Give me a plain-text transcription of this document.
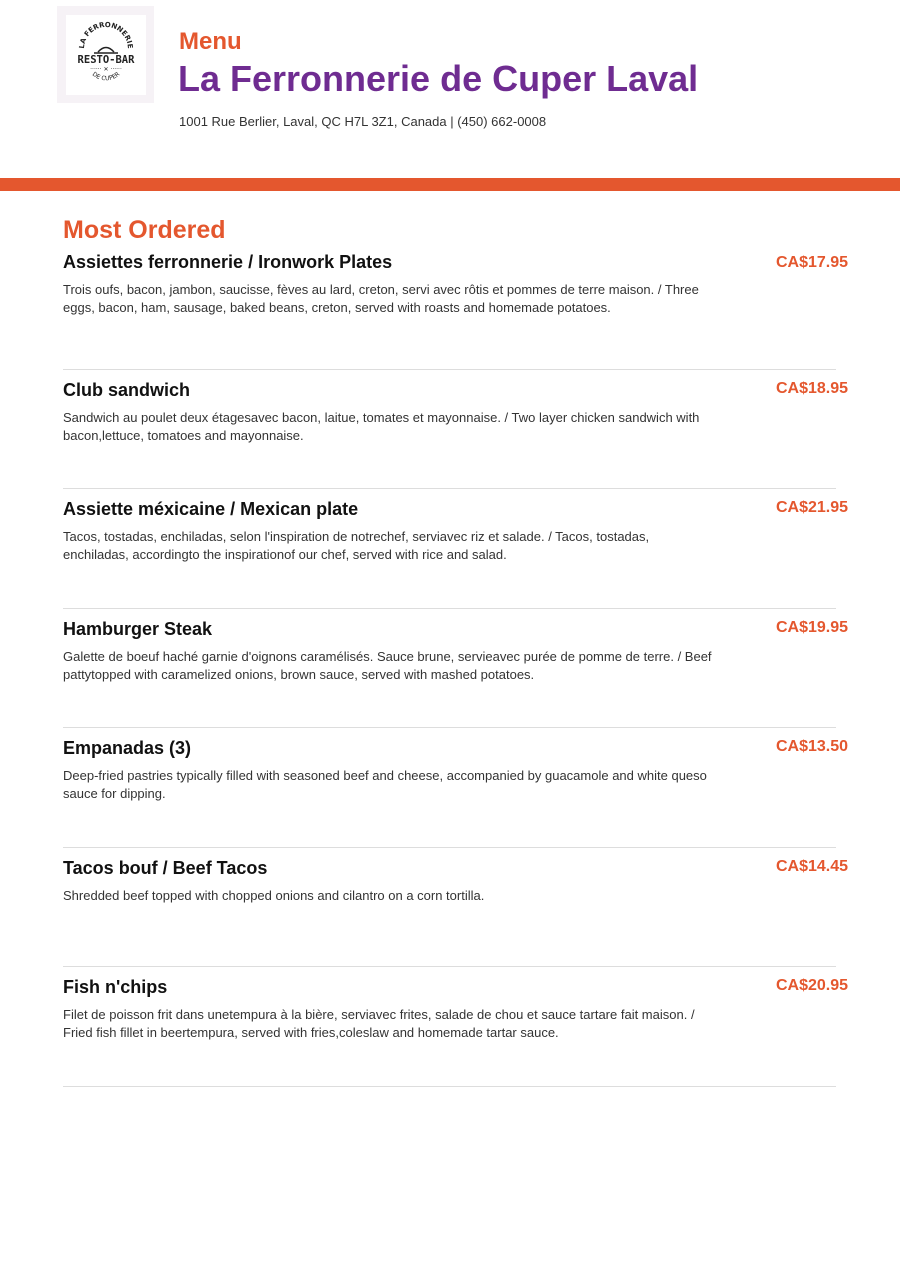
LA FERRONNERIE
RESTO-BAR
······ ✕ ······
DE CUPER
Menu
La Ferronnerie de Cuper Laval
1001 Rue Berlier, Laval, QC H7L 3Z1, Canada | (450) 662-0008
Most Ordered
Assiettes ferronnerie / Ironwork Plates	CA$17.95
Trois oufs, bacon, jambon, saucisse, fèves au lard, creton, servi avec rôtis et pommes de terre maison. / Three eggs, bacon, ham, sausage, baked beans, creton, served with roasts and homemade potatoes.
Club sandwich	CA$18.95
Sandwich au poulet deux étagesavec bacon, laitue, tomates et mayonnaise. / Two layer chicken sandwich with bacon,lettuce, tomatoes and mayonnaise.
Assiette méxicaine / Mexican plate	CA$21.95
Tacos, tostadas, enchiladas, selon l'inspiration de notrechef, serviavec riz et salade. / Tacos, tostadas, enchiladas, accordingto the inspirationof our chef, served with rice and salad.
Hamburger Steak	CA$19.95
Galette de boeuf haché garnie d'oignons caramélisés. Sauce brune, servieavec purée de pomme de terre. / Beef pattytopped with caramelized onions, brown sauce, served with mashed potatoes.
Empanadas (3)	CA$13.50
Deep-fried pastries typically filled with seasoned beef and cheese, accompanied by guacamole and white queso sauce for dipping.
Tacos bouf / Beef Tacos	CA$14.45
Shredded beef topped with chopped onions and cilantro on a corn tortilla.
Fish n'chips	CA$20.95
Filet de poisson frit dans unetempura à la bière, serviavec frites, salade de chou et sauce tartare fait maison. / Fried fish fillet in beertempura, served with fries,coleslaw and homemade tartar sauce.
